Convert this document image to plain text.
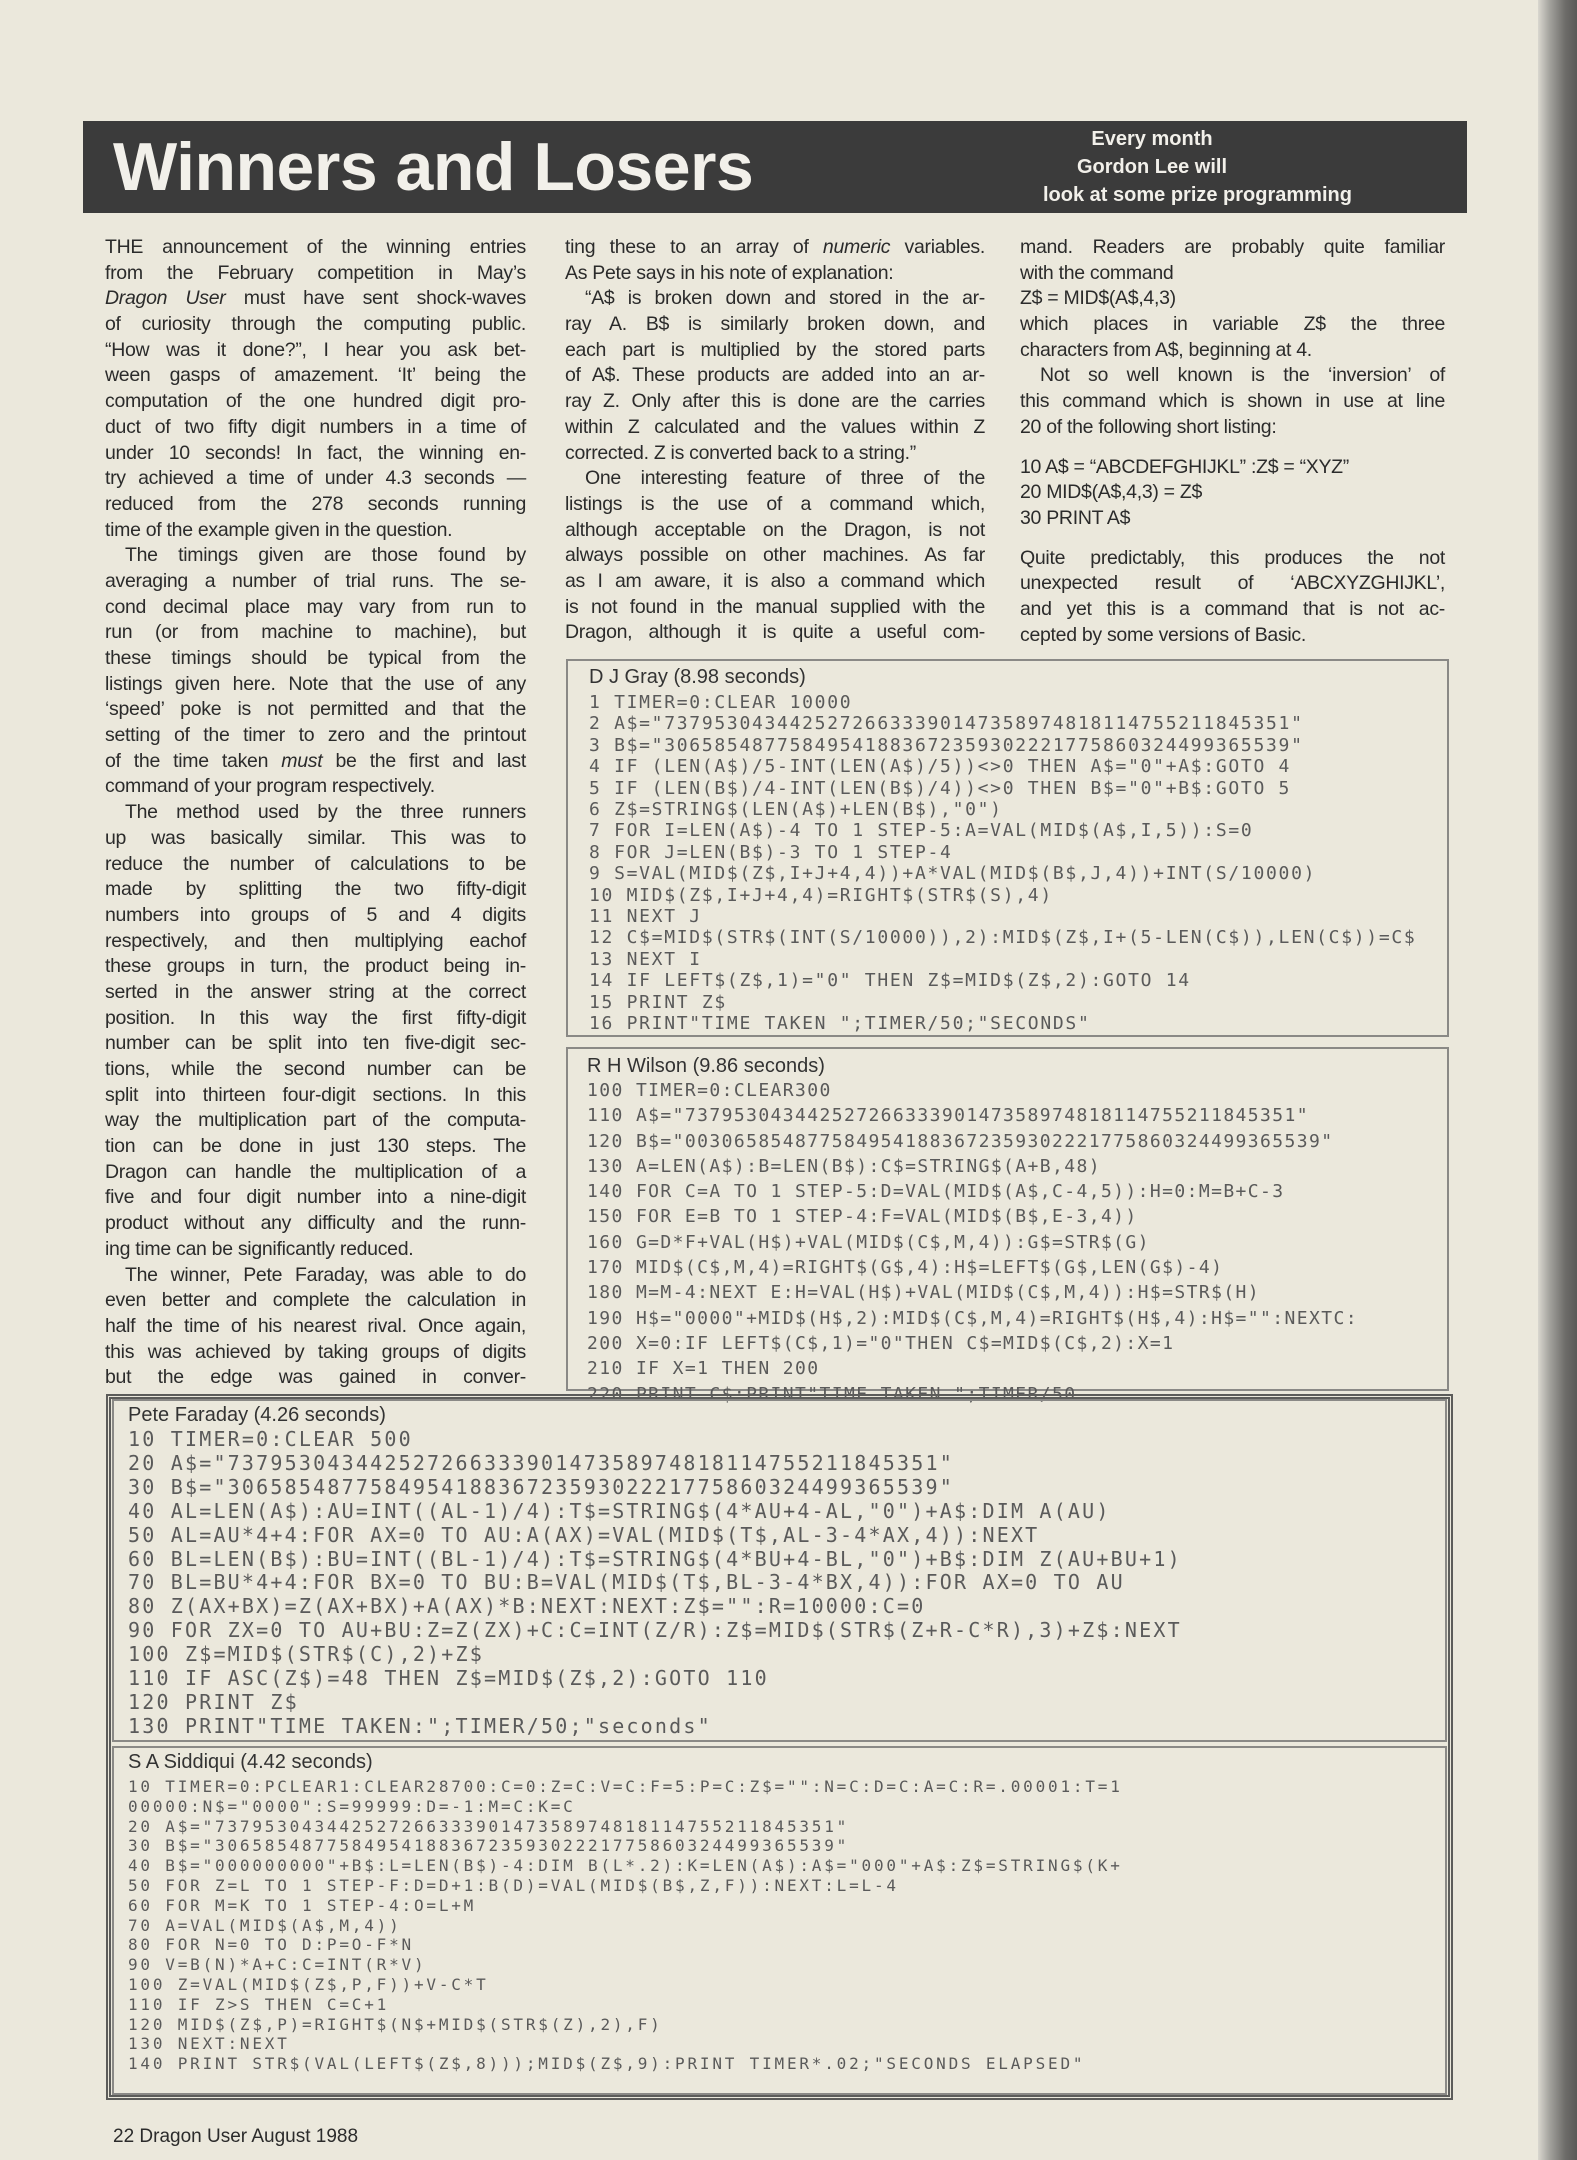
Winners and Losers	Every month
Gordon Lee will
look at some prize programming
THE announcement of the winning entries
from the February competition in May’s
Dragon User must have sent shock-waves
of curiosity through the computing public.
“How was it done?”, I hear you ask bet-
ween gasps of amazement. ‘It’ being the
computation of the one hundred digit pro-
duct of two fifty digit numbers in a time of
under 10 seconds! In fact, the winning en-
try achieved a time of under 4.3 seconds —
reduced from the 278 seconds running
time of the example given in the question.
The timings given are those found by
averaging a number of trial runs. The se-
cond decimal place may vary from run to
run (or from machine to machine), but
these timings should be typical from the
listings given here. Note that the use of any
‘speed’ poke is not permitted and that the
setting of the timer to zero and the printout
of the time taken must be the first and last
command of your program respectively.
The method used by the three runners
up was basically similar. This was to
reduce the number of calculations to be
made by splitting the two fifty-digit
numbers into groups of 5 and 4 digits
respectively, and then multiplying eachof
these groups in turn, the product being in-
serted in the answer string at the correct
position. In this way the first fifty-digit
number can be split into ten five-digit sec-
tions, while the second number can be
split into thirteen four-digit sections. In this
way the multiplication part of the computa-
tion can be done in just 130 steps. The
Dragon can handle the multiplication of a
five and four digit number into a nine-digit
product without any difficulty and the runn-
ing time can be significantly reduced.
The winner, Pete Faraday, was able to do
even better and complete the calculation in
half the time of his nearest rival. Once again,
this was achieved by taking groups of digits
but the edge was gained in conver-
ting these to an array of numeric variables.
As Pete says in his note of explanation:
“A$ is broken down and stored in the ar-
ray A. B$ is similarly broken down, and
each part is multiplied by the stored parts
of A$. These products are added into an ar-
ray Z. Only after this is done are the carries
within Z calculated and the values within Z
corrected. Z is converted back to a string.”
One interesting feature of three of the
listings is the use of a command which,
although acceptable on the Dragon, is not
always possible on other machines. As far
as I am aware, it is also a command which
is not found in the manual supplied with the
Dragon, although it is quite a useful com-
mand. Readers are probably quite familiar
with the command
Z$ = MID$(A$,4,3)
which places in variable Z$ the three
characters from A$, beginning at 4.
Not so well known is the ‘inversion’ of
this command which is shown in use at line
20 of the following short listing:
10 A$ = “ABCDEFGHIJKL” :Z$ = “XYZ”
20 MID$(A$,4,3) = Z$
30 PRINT A$
Quite predictably, this produces the not
unexpected result of ‘ABCXYZGHIJKL’,
and yet this is a command that is not ac-
cepted by some versions of Basic.
D J Gray (8.98 seconds)
1 TIMER=0:CLEAR 10000
2 A$="73795304344252726633390147358974818114755211845351"
3 B$="30658548775849541883672359302221775860324499365539"
4 IF (LEN(A$)/5-INT(LEN(A$)/5))<>0 THEN A$="0"+A$:GOTO 4
5 IF (LEN(B$)/4-INT(LEN(B$)/4))<>0 THEN B$="0"+B$:GOTO 5
6 Z$=STRING$(LEN(A$)+LEN(B$),"0")
7 FOR I=LEN(A$)-4 TO 1 STEP-5:A=VAL(MID$(A$,I,5)):S=0
8 FOR J=LEN(B$)-3 TO 1 STEP-4
9 S=VAL(MID$(Z$,I+J+4,4))+A*VAL(MID$(B$,J,4))+INT(S/10000)
10 MID$(Z$,I+J+4,4)=RIGHT$(STR$(S),4)
11 NEXT J
12 C$=MID$(STR$(INT(S/10000)),2):MID$(Z$,I+(5-LEN(C$)),LEN(C$))=C$
13 NEXT I
14 IF LEFT$(Z$,1)="0" THEN Z$=MID$(Z$,2):GOTO 14
15 PRINT Z$
16 PRINT"TIME TAKEN ";TIMER/50;"SECONDS"
R H Wilson (9.86 seconds)
100 TIMER=0:CLEAR300
110 A$="73795304344252726633390147358974818114755211845351"
120 B$="0030658548775849541883672359302221775860324499365539"
130 A=LEN(A$):B=LEN(B$):C$=STRING$(A+B,48)
140 FOR C=A TO 1 STEP-5:D=VAL(MID$(A$,C-4,5)):H=0:M=B+C-3
150 FOR E=B TO 1 STEP-4:F=VAL(MID$(B$,E-3,4))
160 G=D*F+VAL(H$)+VAL(MID$(C$,M,4)):G$=STR$(G)
170 MID$(C$,M,4)=RIGHT$(G$,4):H$=LEFT$(G$,LEN(G$)-4)
180 M=M-4:NEXT E:H=VAL(H$)+VAL(MID$(C$,M,4)):H$=STR$(H)
190 H$="0000"+MID$(H$,2):MID$(C$,M,4)=RIGHT$(H$,4):H$="":NEXTC:
200 X=0:IF LEFT$(C$,1)="0"THEN C$=MID$(C$,2):X=1
210 IF X=1 THEN 200
220 PRINT C$:PRINT"TIME TAKEN ";TIMER/50
Pete Faraday (4.26 seconds)
10 TIMER=0:CLEAR 500
20 A$="73795304344252726633390147358974818114755211845351"
30 B$="30658548775849541883672359302221775860324499365539"
40 AL=LEN(A$):AU=INT((AL-1)/4):T$=STRING$(4*AU+4-AL,"0")+A$:DIM A(AU)
50 AL=AU*4+4:FOR AX=0 TO AU:A(AX)=VAL(MID$(T$,AL-3-4*AX,4)):NEXT
60 BL=LEN(B$):BU=INT((BL-1)/4):T$=STRING$(4*BU+4-BL,"0")+B$:DIM Z(AU+BU+1)
70 BL=BU*4+4:FOR BX=0 TO BU:B=VAL(MID$(T$,BL-3-4*BX,4)):FOR AX=0 TO AU
80 Z(AX+BX)=Z(AX+BX)+A(AX)*B:NEXT:NEXT:Z$="":R=10000:C=0
90 FOR ZX=0 TO AU+BU:Z=Z(ZX)+C:C=INT(Z/R):Z$=MID$(STR$(Z+R-C*R),3)+Z$:NEXT
100 Z$=MID$(STR$(C),2)+Z$
110 IF ASC(Z$)=48 THEN Z$=MID$(Z$,2):GOTO 110
120 PRINT Z$
130 PRINT"TIME TAKEN:";TIMER/50;"seconds"
S A Siddiqui (4.42 seconds)
10 TIMER=0:PCLEAR1:CLEAR28700:C=0:Z=C:V=C:F=5:P=C:Z$="":N=C:D=C:A=C:R=.00001:T=1
00000:N$="0000":S=99999:D=-1:M=C:K=C
20 A$="73795304344252726633390147358974818114755211845351"
30 B$="30658548775849541883672359302221775860324499365539"
40 B$="000000000"+B$:L=LEN(B$)-4:DIM B(L*.2):K=LEN(A$):A$="000"+A$:Z$=STRING$(K+
50 FOR Z=L TO 1 STEP-F:D=D+1:B(D)=VAL(MID$(B$,Z,F)):NEXT:L=L-4
60 FOR M=K TO 1 STEP-4:O=L+M
70 A=VAL(MID$(A$,M,4))
80 FOR N=0 TO D:P=O-F*N
90 V=B(N)*A+C:C=INT(R*V)
100 Z=VAL(MID$(Z$,P,F))+V-C*T
110 IF Z>S THEN C=C+1
120 MID$(Z$,P)=RIGHT$(N$+MID$(STR$(Z),2),F)
130 NEXT:NEXT
140 PRINT STR$(VAL(LEFT$(Z$,8)));MID$(Z$,9):PRINT TIMER*.02;"SECONDS ELAPSED"
22 Dragon User August 1988
